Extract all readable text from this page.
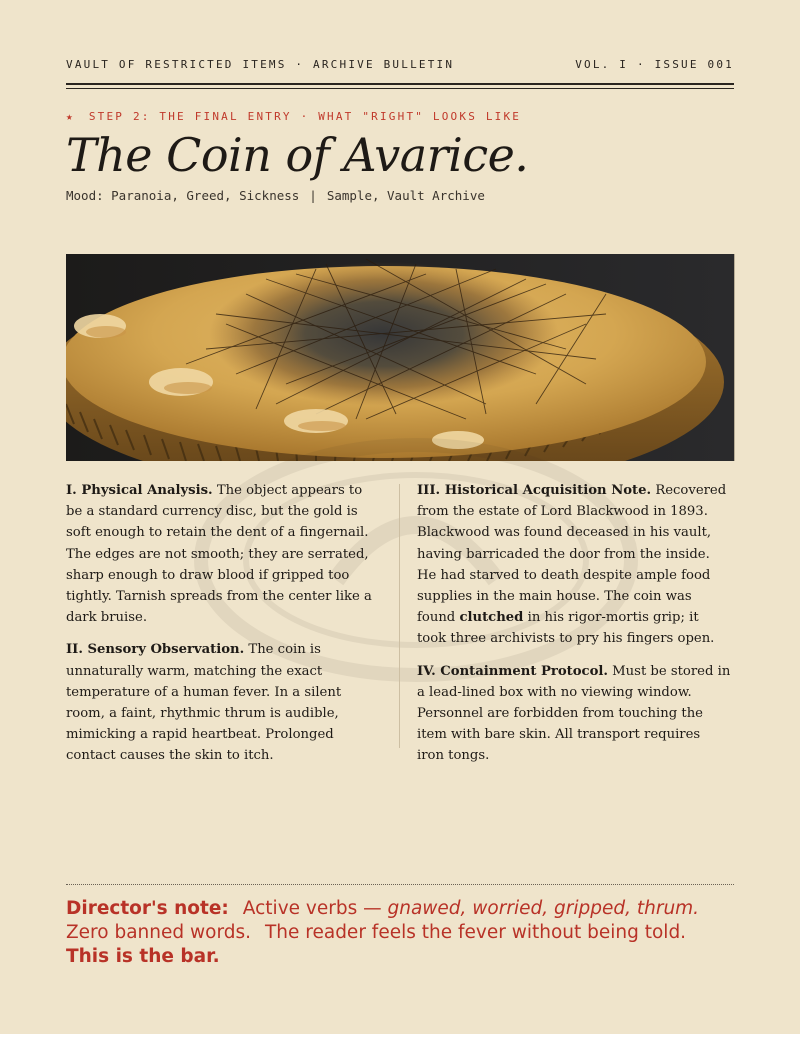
VAULT OF RESTRICTED ITEMS · ARCHIVE BULLETIN	VOL. I · ISSUE 001
★ STEP 2: THE FINAL ENTRY · WHAT "RIGHT" LOOKS LIKE
The Coin of Avarice.
Mood: Paranoia, Greed, Sickness | Sample, Vault Archive

I. Physical Analysis. The object appears to be a standard currency disc, but the gold is soft enough to retain the dent of a fingernail. The edges are not smooth; they are serrated, sharp enough to draw blood if gripped too tightly. Tarnish spreads from the center like a dark bruise.

II. Sensory Observation. The coin is unnaturally warm, matching the exact temperature of a human fever. In a silent room, a faint, rhythmic thrum is audible, mimicking a rapid heartbeat. Prolonged contact causes the skin to itch.

III. Historical Acquisition Note. Recovered from the estate of Lord Blackwood in 1893. Blackwood was found deceased in his vault, having barricaded the door from the inside. He had starved to death despite ample food supplies in the main house. The coin was found clutched in his rigor-mortis grip; it took three archivists to pry his fingers open.

IV. Containment Protocol. Must be stored in a lead-lined box with no viewing window. Personnel are forbidden from touching the item with bare skin. All transport requires iron tongs.

Director's note: Active verbs — gnawed, worried, gripped, thrum.
Zero banned words. The reader feels the fever without being told.
This is the bar.
